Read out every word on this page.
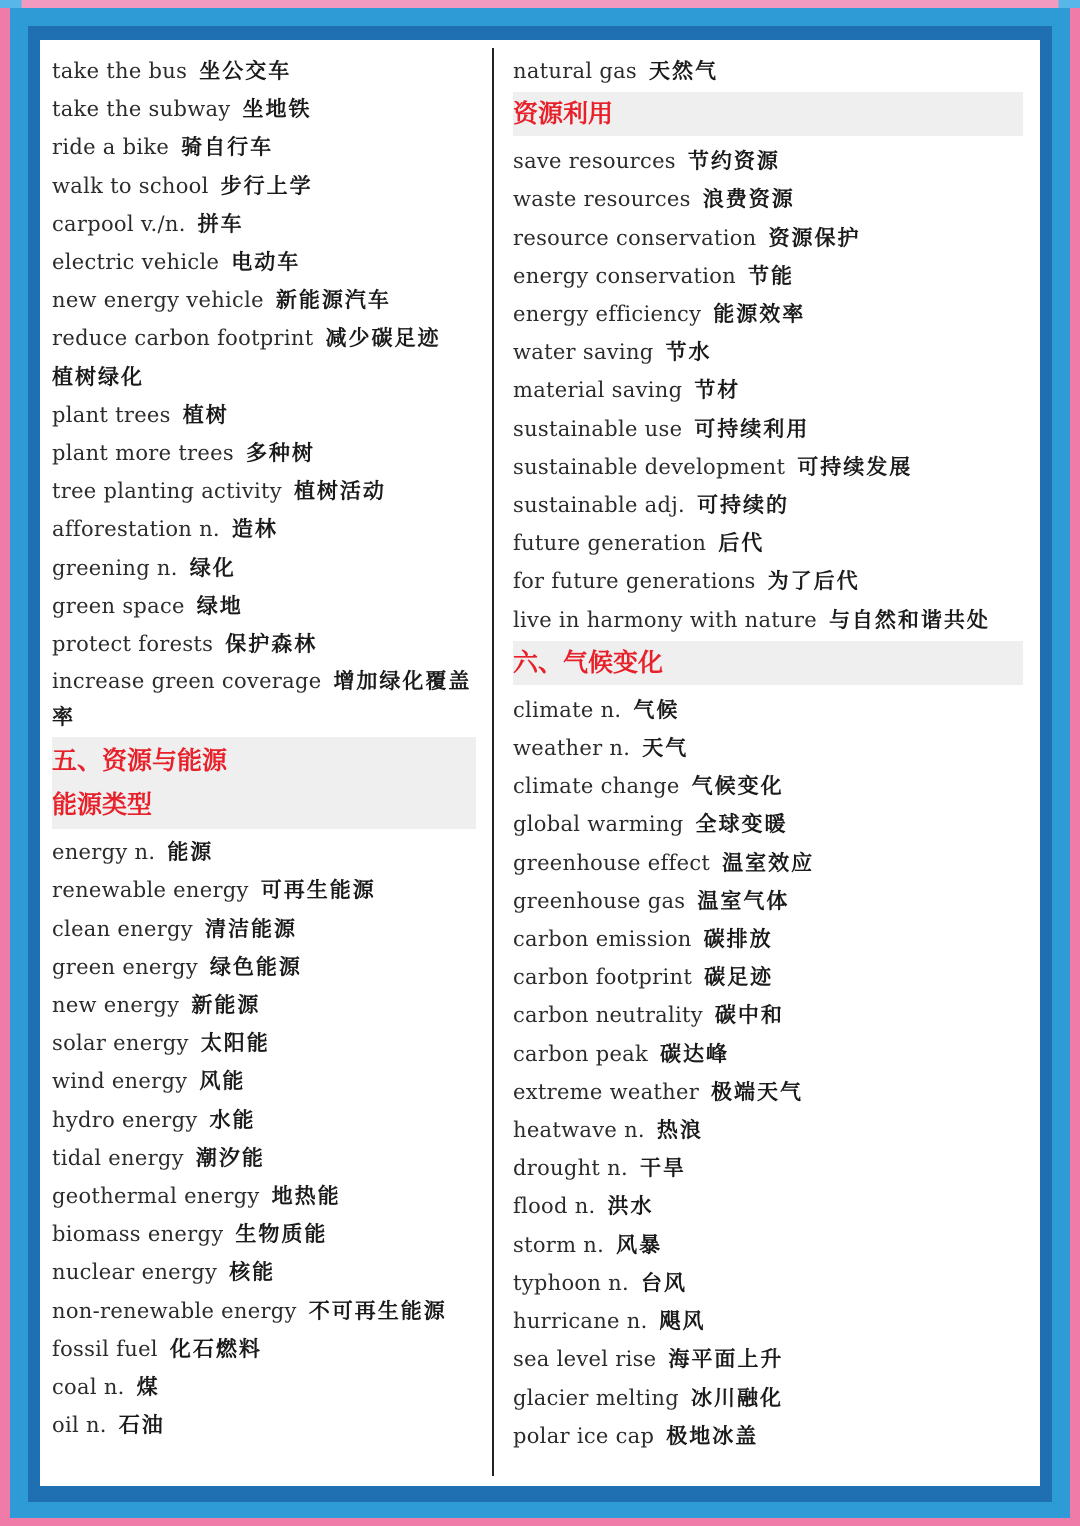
take the bus 坐公交车
take the subway 坐地铁
ride a bike 骑自行车
walk to school 步行上学
carpool v./n. 拼车
electric vehicle 电动车
new energy vehicle 新能源汽车
reduce carbon footprint 减少碳足迹
植树绿化
plant trees 植树
plant more trees 多种树
tree planting activity 植树活动
afforestation n. 造林
greening n. 绿化
green space 绿地
protect forests 保护森林
increase green coverage 增加绿化覆盖率
五、资源与能源
能源类型
energy n. 能源
renewable energy 可再生能源
clean energy 清洁能源
green energy 绿色能源
new energy 新能源
solar energy 太阳能
wind energy 风能
hydro energy 水能
tidal energy 潮汐能
geothermal energy 地热能
biomass energy 生物质能
nuclear energy 核能
non-renewable energy 不可再生能源
fossil fuel 化石燃料
coal n. 煤
oil n. 石油
natural gas 天然气
资源利用
save resources 节约资源
waste resources 浪费资源
resource conservation 资源保护
energy conservation 节能
energy efficiency 能源效率
water saving 节水
material saving 节材
sustainable use 可持续利用
sustainable development 可持续发展
sustainable adj. 可持续的
future generation 后代
for future generations 为了后代
live in harmony with nature 与自然和谐共处
六、气候变化
climate n. 气候
weather n. 天气
climate change 气候变化
global warming 全球变暖
greenhouse effect 温室效应
greenhouse gas 温室气体
carbon emission 碳排放
carbon footprint 碳足迹
carbon neutrality 碳中和
carbon peak 碳达峰
extreme weather 极端天气
heatwave n. 热浪
drought n. 干旱
flood n. 洪水
storm n. 风暴
typhoon n. 台风
hurricane n. 飓风
sea level rise 海平面上升
glacier melting 冰川融化
polar ice cap 极地冰盖
